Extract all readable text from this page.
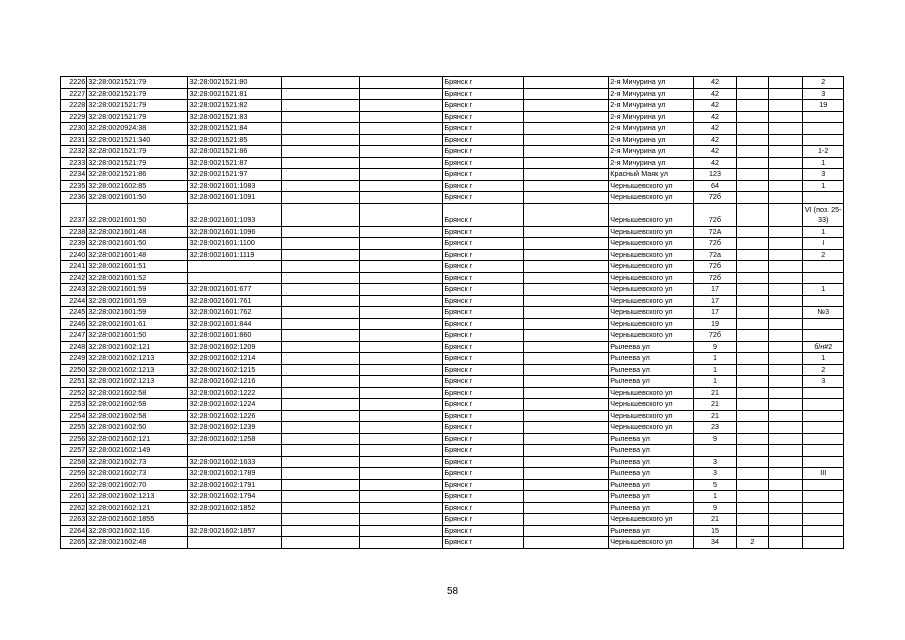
2226	32:28:0021521:79	32:28:0021521:80			Брянск г		2-я Мичурина ул	42			2
2227	32:28:0021521:79	32:28:0021521:81			Брянск г		2-я Мичурина ул	42			3
2228	32:28:0021521:79	32:28:0021521:82			Брянск г		2-я Мичурина ул	42			19
2229	32:28:0021521:79	32:28:0021521:83			Брянск г		2-я Мичурина ул	42			
2230	32:28:0020924:38	32:28:0021521:84			Брянск г		2-я Мичурина ул	42			
2231	32:28:0021521:340	32:28:0021521:85			Брянск г		2-я Мичурина ул	42			
2232	32:28:0021521:79	32:28:0021521:86			Брянск г		2-я Мичурина ул	42			1-2
2233	32:28:0021521:79	32:28:0021521:87			Брянск г		2-я Мичурина ул	42			1
2234	32:28:0021521:86	32:28:0021521:97			Брянск г		Красный Маяк ул	123			3
2235	32:28:0021602:85	32:28:0021601:1083			Брянск г		Чернышевского ул	64			1
2236	32:28:0021601:50	32:28:0021601:1091			Брянск г		Чернышевского ул	72б			
2237	32:28:0021601:50	32:28:0021601:1093			Брянск г		Чернышевского ул	72б			VI (поз. 25-33)
2238	32:28:0021601:48	32:28:0021601:1096			Брянск г		Чернышевского ул	72А			1
2239	32:28:0021601:50	32:28:0021601:1100			Брянск г		Чернышевского ул	72б			I
2240	32:28:0021601:48	32:28:0021601:1119			Брянск г		Чернышевского ул	72а			2
2241	32:28:0021601:51				Брянск г		Чернышевского ул	72б			
2242	32:28:0021601:52				Брянск г		Чернышевского ул	72б			
2243	32:28:0021601:59	32:28:0021601:677			Брянск г		Чернышевского ул	17			1
2244	32:28:0021601:59	32:28:0021601:761			Брянск г		Чернышевского ул	17			
2245	32:28:0021601:59	32:28:0021601:762			Брянск г		Чернышевского ул	17			№3
2246	32:28:0021601:61	32:28:0021601:844			Брянск г		Чернышевского ул	19			
2247	32:28:0021601:50	32:28:0021601:860			Брянск г		Чернышевского ул	72б			
2248	32:28:0021602:121	32:28:0021602:1209			Брянск г		Рылеева ул	9			б/н#2
2249	32:28:0021602:1213	32:28:0021602:1214			Брянск г		Рылеева ул	1			1
2250	32:28:0021602:1213	32:28:0021602:1215			Брянск г		Рылеева ул	1			2
2251	32:28:0021602:1213	32:28:0021602:1216			Брянск г		Рылеева ул	1			3
2252	32:28:0021602:58	32:28:0021602:1222			Брянск г		Чернышевского ул	21			
2253	32:28:0021602:58	32:28:0021602:1224			Брянск г		Чернышевского ул	21			
2254	32:28:0021602:58	32:28:0021602:1226			Брянск г		Чернышевского ул	21			
2255	32:28:0021602:50	32:28:0021602:1239			Брянск г		Чернышевского ул	23			
2256	32:28:0021602:121	32:28:0021602:1258			Брянск г		Рылеева ул	9			
2257	32:28:0021602:149				Брянск г		Рылеева ул				
2258	32:28:0021602:73	32:28:0021602:1633			Брянск г		Рылеева ул	3			
2259	32:28:0021602:73	32:28:0021602:1789			Брянск г		Рылеева ул	3			III
2260	32:28:0021602:70	32:28:0021602:1791			Брянск г		Рылеева ул	5			
2261	32:28:0021602:1213	32:28:0021602:1794			Брянск г		Рылеева ул	1			
2262	32:28:0021602:121	32:28:0021602:1852			Брянск г		Рылеева ул	9			
2263	32:28:0021602:1855				Брянск г		Чернышевского ул	21			
2264	32:28:0021602:116	32:28:0021602:1857			Брянск г		Рылеева ул	15			
2265	32:28:0021602:48				Брянск г		Чернышевского ул	34	2		
58
